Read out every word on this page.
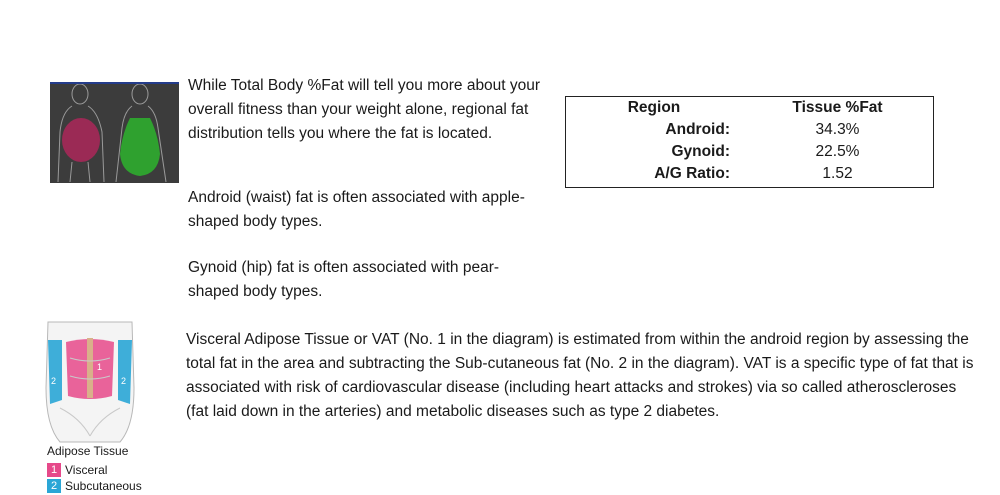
While Total Body %Fat will tell you more about your overall fitness than your weight alone, regional fat distribution tells you where the fat is located.

Android (waist) fat is often associated with apple-shaped body types.

Gynoid (hip) fat is often associated with pear-shaped body types.

Region	Tissue %Fat
Android:	34.3%
Gynoid:	22.5%
A/G Ratio:	1.52
1
2	2
Adipose Tissue
1 Visceral
2 Subcutaneous

Visceral Adipose Tissue or VAT (No. 1 in the diagram) is estimated from within the android region by assessing the total fat in the area and subtracting the Sub-cutaneous fat (No. 2 in the diagram). VAT is a specific type of fat that is associated with risk of cardiovascular disease (including heart attacks and strokes) via so called atheroscleroses (fat laid down in the arteries) and metabolic diseases such as type 2 diabetes.
